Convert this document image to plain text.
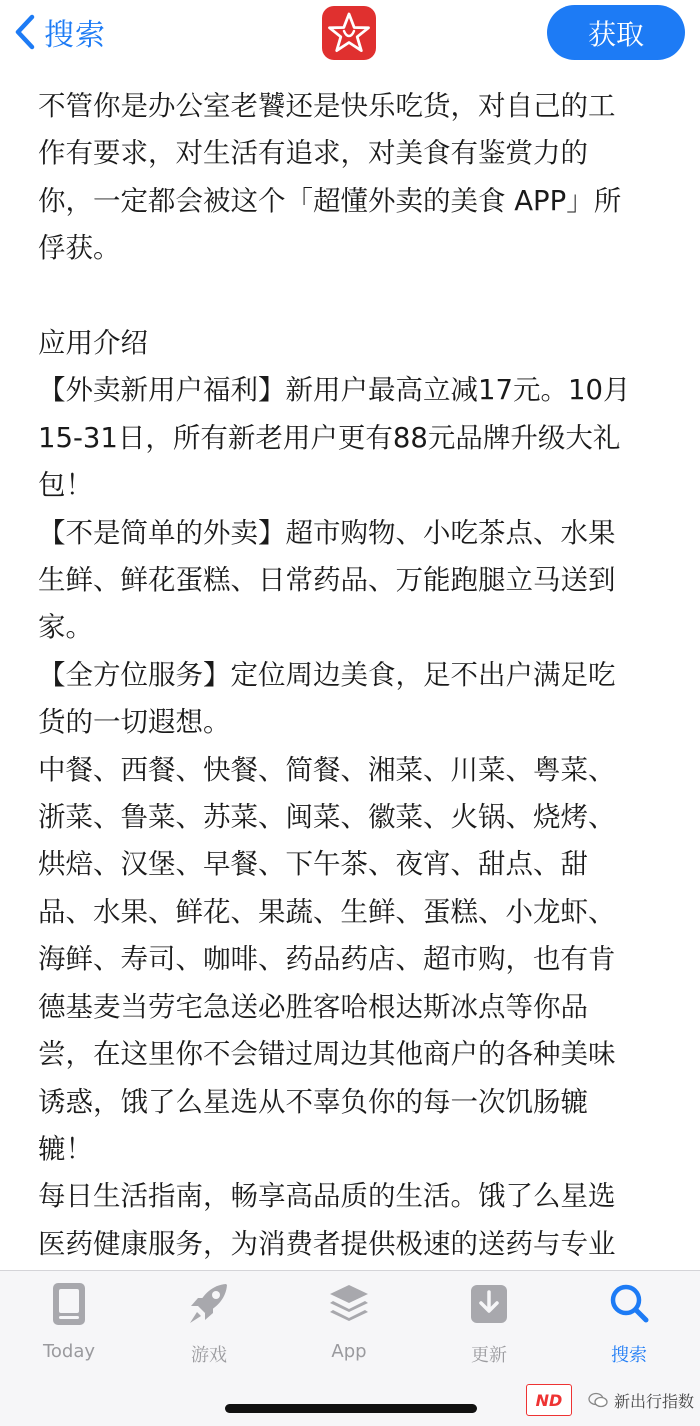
搜索	获取
不管你是办公室老饕还是快乐吃货，对自己的工
作有要求，对生活有追求，对美食有鉴赏力的
你，一定都会被这个「超懂外卖的美食 APP」所
俘获。
应用介绍
【外卖新用户福利】新用户最高立减17元。10月
15-31日，所有新老用户更有88元品牌升级大礼
包！
【不是简单的外卖】超市购物、小吃茶点、水果
生鲜、鲜花蛋糕、日常药品、万能跑腿立马送到
家。
【全方位服务】定位周边美食，足不出户满足吃
货的一切遐想。
中餐、西餐、快餐、简餐、湘菜、川菜、粤菜、
浙菜、鲁菜、苏菜、闽菜、徽菜、火锅、烧烤、
烘焙、汉堡、早餐、下午茶、夜宵、甜点、甜
品、水果、鲜花、果蔬、生鲜、蛋糕、小龙虾、
海鲜、寿司、咖啡、药品药店、超市购，也有肯
德基麦当劳宅急送必胜客哈根达斯冰点等你品
尝，在这里你不会错过周边其他商户的各种美味
诱惑，饿了么星选从不辜负你的每一次饥肠辘
辘！
每日生活指南，畅享高品质的生活。饿了么星选
医药健康服务，为消费者提供极速的送药与专业
Today	游戏	App	更新	搜索
ND	新出行指数
